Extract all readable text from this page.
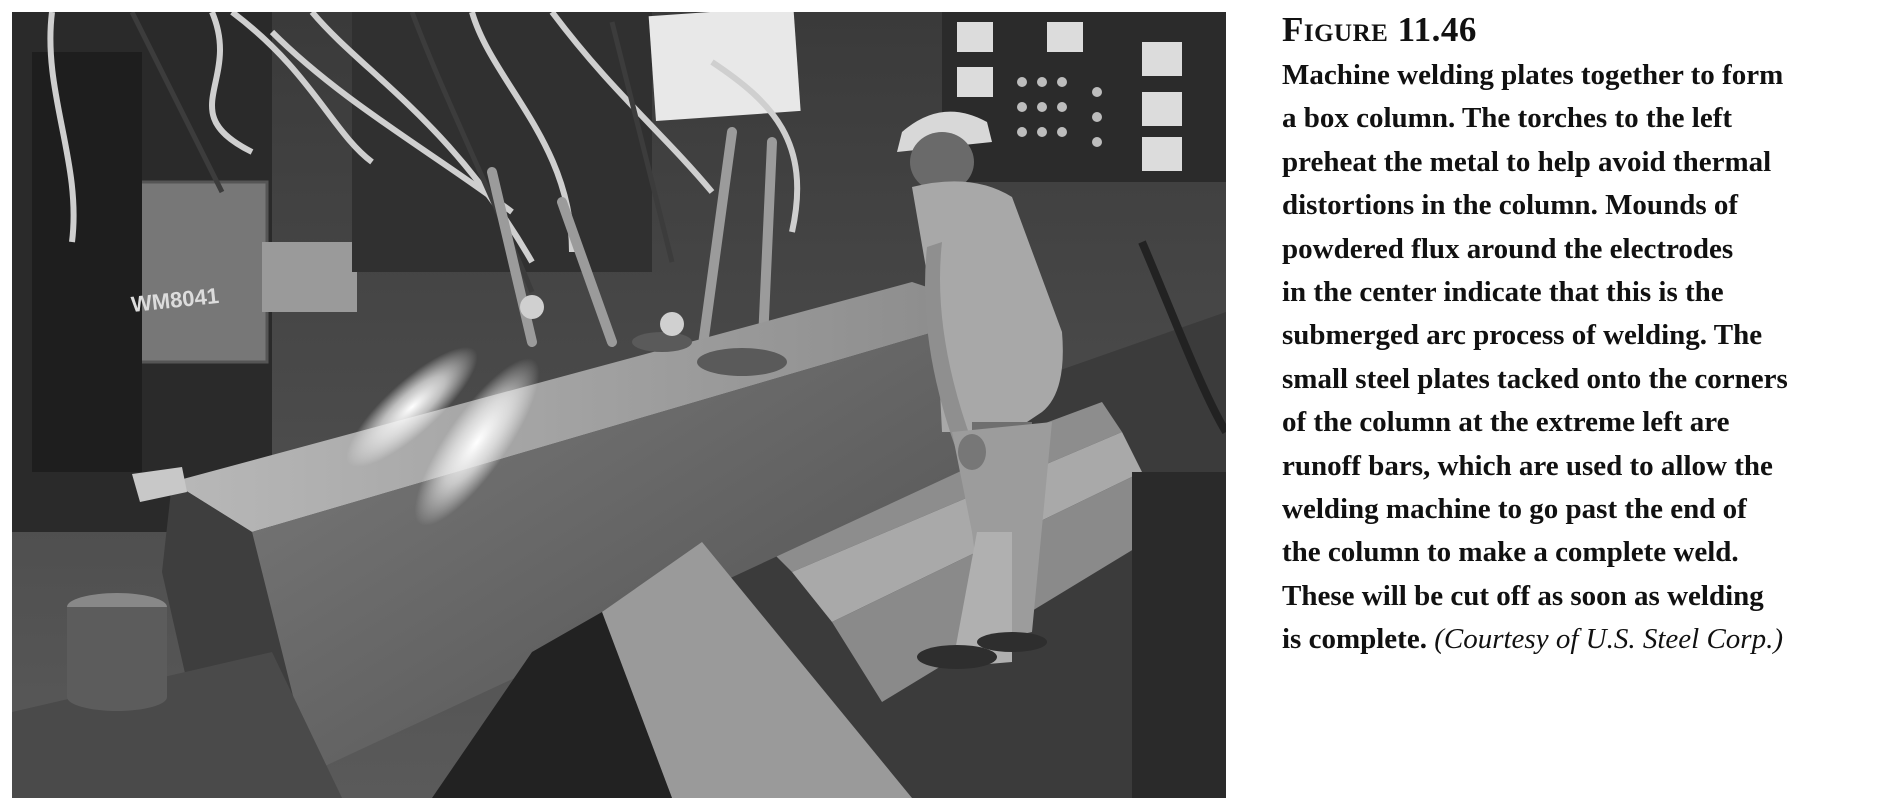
WM8041
Figure 11.46

Machine welding plates together to form
a box column. The torches to the left
preheat the metal to help avoid thermal
distortions in the column. Mounds of
powdered flux around the electrodes
in the center indicate that this is the
submerged arc process of welding. The
small steel plates tacked onto the corners
of the column at the extreme left are
runoff bars, which are used to allow the
welding machine to go past the end of
the column to make a complete weld.
These will be cut off as soon as welding
is complete. (Courtesy of U.S. Steel Corp.)
